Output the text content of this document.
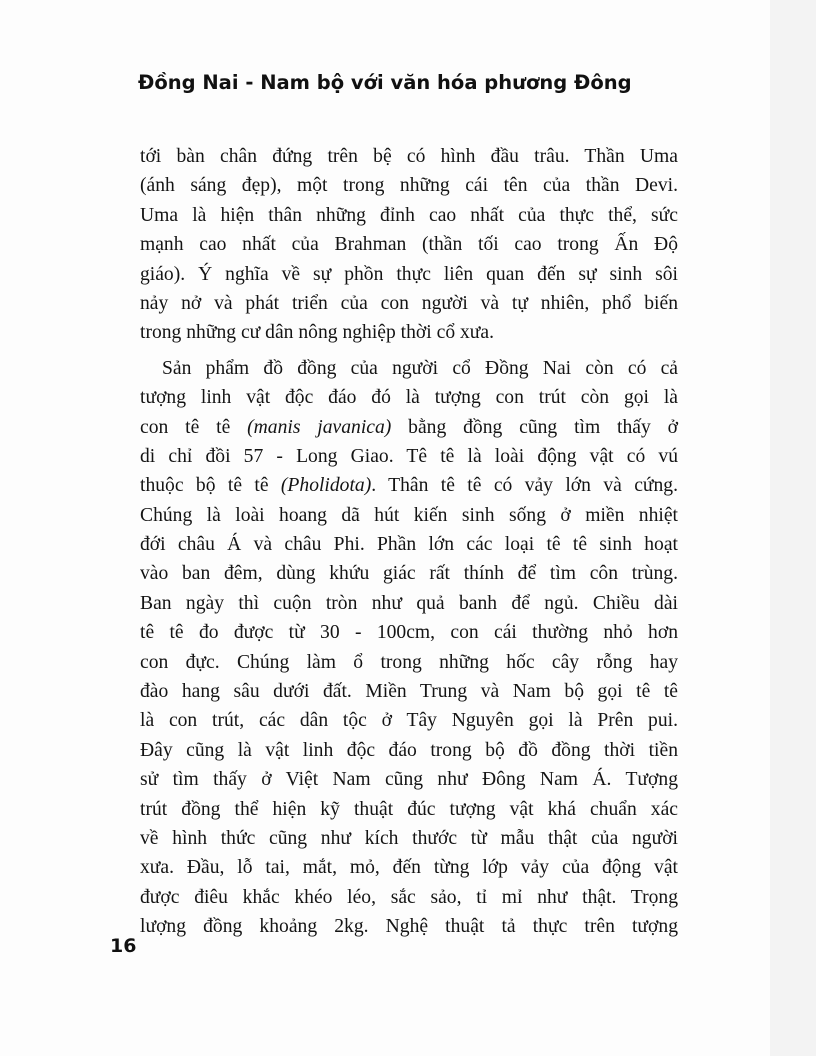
Đồng Nai - Nam bộ với văn hóa phương Đông
tới bàn chân đứng trên bệ có hình đầu trâu. Thần Uma
(ánh sáng đẹp), một trong những cái tên của thần Devi.
Uma là hiện thân những đỉnh cao nhất của thực thể, sức
mạnh cao nhất của Brahman (thần tối cao trong Ấn Độ
giáo). Ý nghĩa về sự phồn thực liên quan đến sự sinh sôi
nảy nở và phát triển của con người và tự nhiên, phổ biến
trong những cư dân nông nghiệp thời cổ xưa.
Sản phẩm đồ đồng của người cổ Đồng Nai còn có cả
tượng linh vật độc đáo đó là tượng con trút còn gọi là
con tê tê (manis javanica) bằng đồng cũng tìm thấy ở
di chỉ đồi 57 - Long Giao. Tê tê là loài động vật có vú
thuộc bộ tê tê (Pholidota). Thân tê tê có vảy lớn và cứng.
Chúng là loài hoang dã hút kiến sinh sống ở miền nhiệt
đới châu Á và châu Phi. Phần lớn các loại tê tê sinh hoạt
vào ban đêm, dùng khứu giác rất thính để tìm côn trùng.
Ban ngày thì cuộn tròn như quả banh để ngủ. Chiều dài
tê tê đo được từ 30 - 100cm, con cái thường nhỏ hơn
con đực. Chúng làm ổ trong những hốc cây rỗng hay
đào hang sâu dưới đất. Miền Trung và Nam bộ gọi tê tê
là con trút, các dân tộc ở Tây Nguyên gọi là Prên pui.
Đây cũng là vật linh độc đáo trong bộ đồ đồng thời tiền
sử tìm thấy ở Việt Nam cũng như Đông Nam Á. Tượng
trút đồng thể hiện kỹ thuật đúc tượng vật khá chuẩn xác
về hình thức cũng như kích thước từ mẫu thật của người
xưa. Đầu, lỗ tai, mắt, mỏ, đến từng lớp vảy của động vật
được điêu khắc khéo léo, sắc sảo, tỉ mỉ như thật. Trọng
lượng đồng khoảng 2kg. Nghệ thuật tả thực trên tượng
16
